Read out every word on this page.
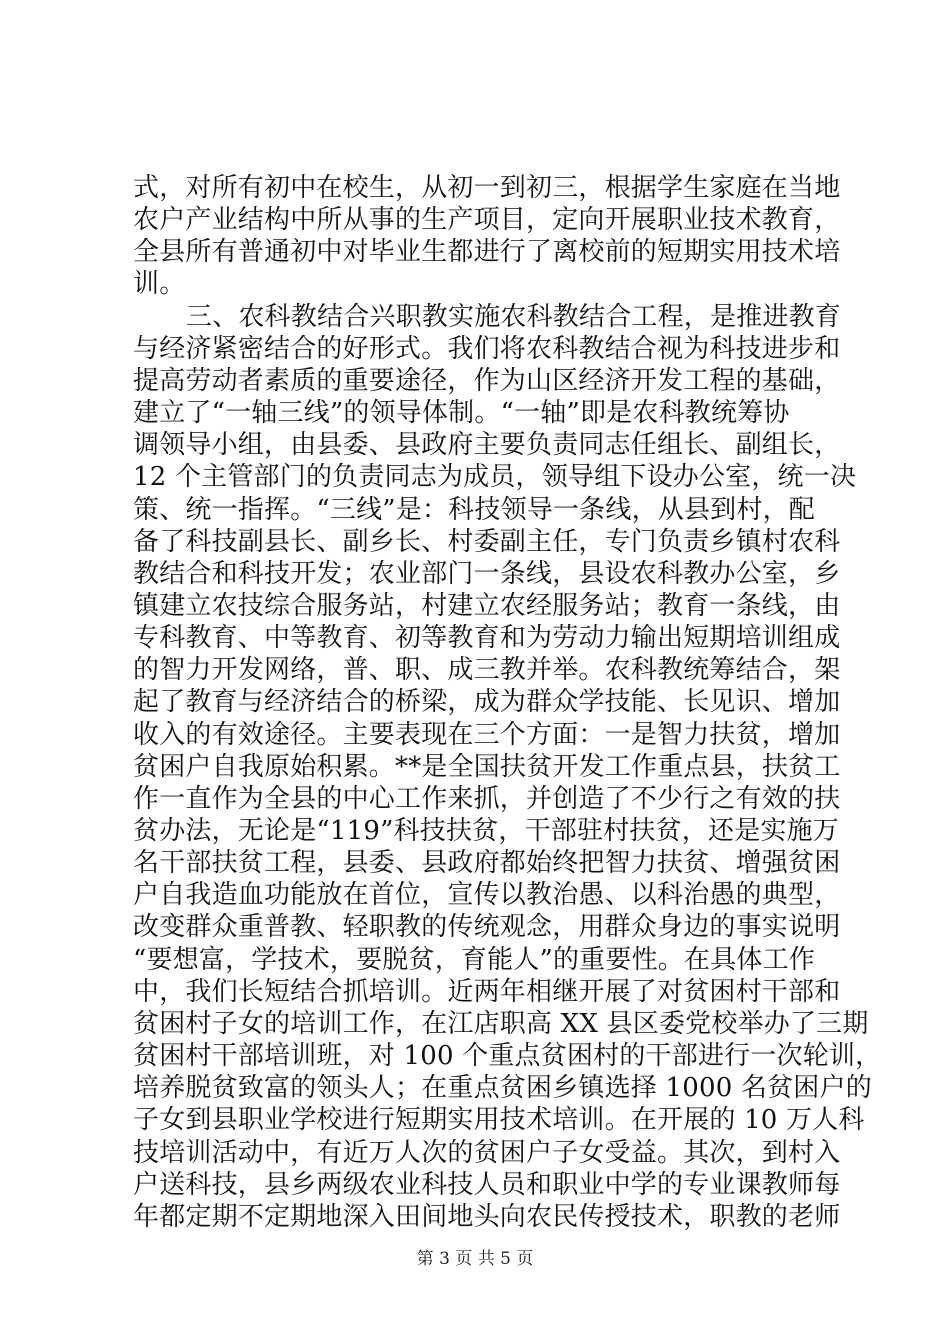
式，对所有初中在校生，从初一到初三，根据学生家庭在当地
农户产业结构中所从事的生产项目，定向开展职业技术教育，
全县所有普通初中对毕业生都进行了离校前的短期实用技术培
训。
三、农科教结合兴职教实施农科教结合工程，是推进教育
与经济紧密结合的好形式。我们将农科教结合视为科技进步和
提高劳动者素质的重要途径，作为山区经济开发工程的基础，
建立了“一轴三线”的领导体制。“一轴”即是农科教统筹协
调领导小组，由县委、县政府主要负责同志任组长、副组长，
12 个主管部门的负责同志为成员，领导组下设办公室，统一决
策、统一指挥。“三线”是：科技领导一条线，从县到村，配
备了科技副县长、副乡长、村委副主任，专门负责乡镇村农科
教结合和科技开发；农业部门一条线，县设农科教办公室，乡
镇建立农技综合服务站，村建立农经服务站；教育一条线，由
专科教育、中等教育、初等教育和为劳动力输出短期培训组成
的智力开发网络，普、职、成三教并举。农科教统筹结合，架
起了教育与经济结合的桥梁，成为群众学技能、长见识、增加
收入的有效途径。主要表现在三个方面：一是智力扶贫，增加
贫困户自我原始积累。**是全国扶贫开发工作重点县，扶贫工
作一直作为全县的中心工作来抓，并创造了不少行之有效的扶
贫办法，无论是“119”科技扶贫，干部驻村扶贫，还是实施万
名干部扶贫工程，县委、县政府都始终把智力扶贫、增强贫困
户自我造血功能放在首位，宣传以教治愚、以科治愚的典型，
改变群众重普教、轻职教的传统观念，用群众身边的事实说明
“要想富，学技术，要脱贫，育能人”的重要性。在具体工作
中，我们长短结合抓培训。近两年相继开展了对贫困村干部和
贫困村子女的培训工作，在江店职高 XX 县区委党校举办了三期
贫困村干部培训班，对 100 个重点贫困村的干部进行一次轮训，
培养脱贫致富的领头人；在重点贫困乡镇选择 1000 名贫困户的
子女到县职业学校进行短期实用技术培训。在开展的 10 万人科
技培训活动中，有近万人次的贫困户子女受益。其次，到村入
户送科技，县乡两级农业科技人员和职业中学的专业课教师每
年都定期不定期地深入田间地头向农民传授技术，职教的老师
第 3 页 共 5 页
